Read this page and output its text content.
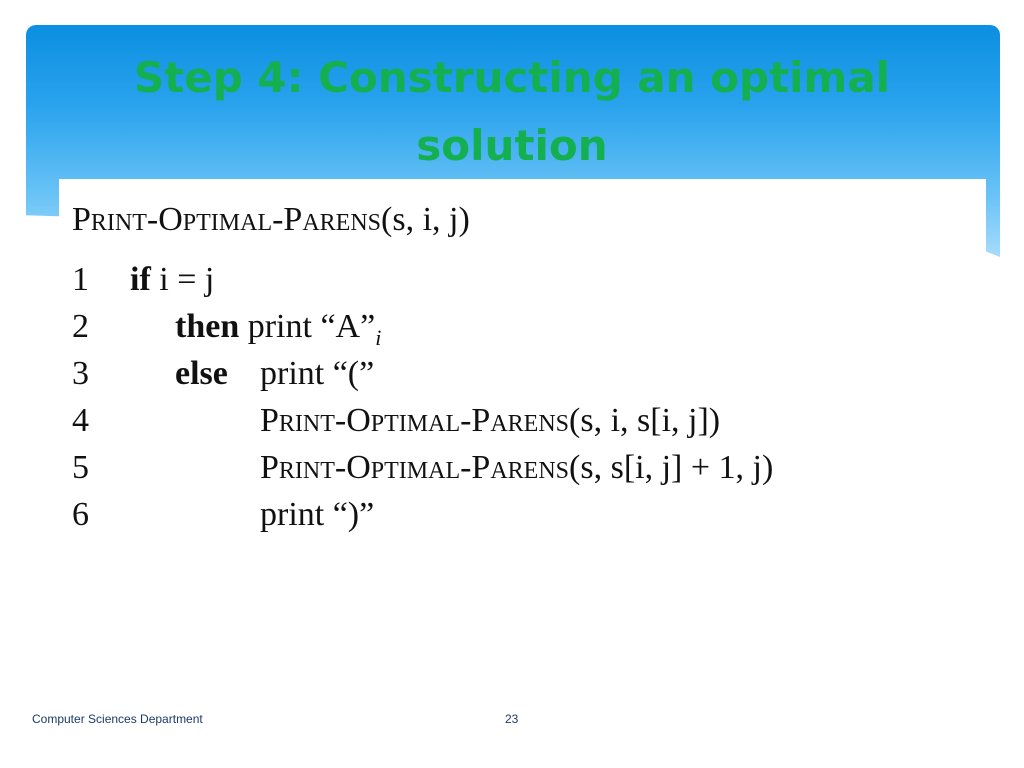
Step 4: Constructing an optimal solution
Print-Optimal-Parens(s, i, j)
1	if i = j
2	then print “$A”_i$
3	else print “(”
4	Print-Optimal-Parens(s, i, s[i, j])
5	Print-Optimal-Parens(s, s[i, j] + 1, j)
6	print “)”
Computer Sciences Department	23
